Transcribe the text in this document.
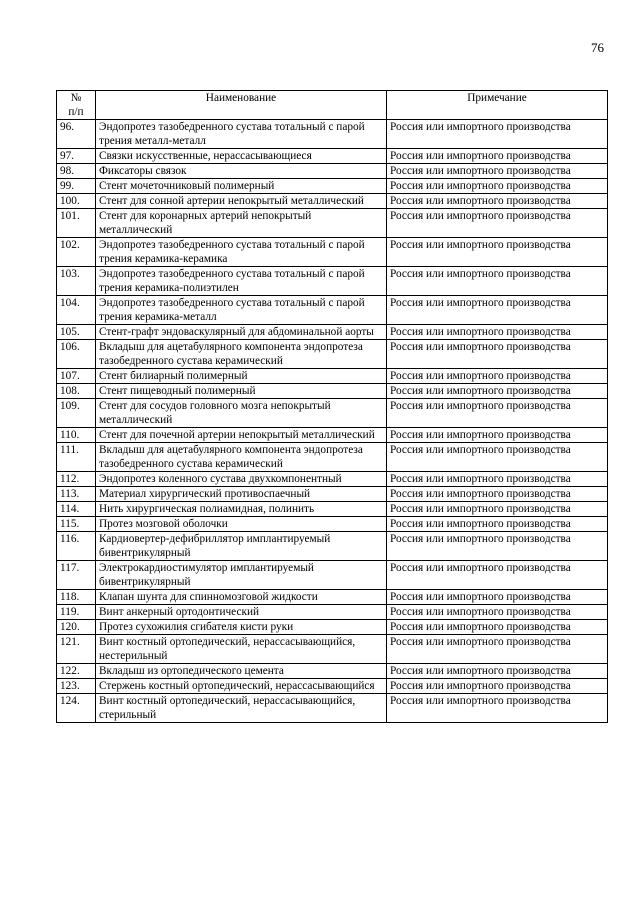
76
№
п/п	Наименование	Примечание
96.	Эндопротез тазобедренного сустава тотальный с парой трения металл-металл	Россия или импортного производства
97.	Связки искусственные, нерассасывающиеся	Россия или импортного производства
98.	Фиксаторы связок	Россия или импортного производства
99.	Стент мочеточниковый полимерный	Россия или импортного производства
100.	Стент для сонной артерии непокрытый металлический	Россия или импортного производства
101.	Стент для коронарных артерий непокрытый металлический	Россия или импортного производства
102.	Эндопротез тазобедренного сустава тотальный с парой трения керамика-керамика	Россия или импортного производства
103.	Эндопротез тазобедренного сустава тотальный с парой трения керамика-полиэтилен	Россия или импортного производства
104.	Эндопротез тазобедренного сустава тотальный с парой трения керамика-металл	Россия или импортного производства
105.	Стент-графт эндоваскулярный для абдоминальной аорты	Россия или импортного производства
106.	Вкладыш для ацетабулярного компонента эндопротеза тазобедренного сустава керамический	Россия или импортного производства
107.	Стент билиарный полимерный	Россия или импортного производства
108.	Стент пищеводный полимерный	Россия или импортного производства
109.	Стент для сосудов головного мозга непокрытый металлический	Россия или импортного производства
110.	Стент для почечной артерии непокрытый металлический	Россия или импортного производства
111.	Вкладыш для ацетабулярного компонента эндопротеза тазобедренного сустава керамический	Россия или импортного производства
112.	Эндопротез коленного сустава двухкомпонентный	Россия или импортного производства
113.	Материал хирургический противоспаечный	Россия или импортного производства
114.	Нить хирургическая полиамидная, полинить	Россия или импортного производства
115.	Протез мозговой оболочки	Россия или импортного производства
116.	Кардиовертер-дефибриллятор имплантируемый бивентрикулярный	Россия или импортного производства
117.	Электрокардиостимулятор имплантируемый бивентрикулярный	Россия или импортного производства
118.	Клапан шунта для спинномозговой жидкости	Россия или импортного производства
119.	Винт анкерный ортодонтический	Россия или импортного производства
120.	Протез сухожилия сгибателя кисти руки	Россия или импортного производства
121.	Винт костный ортопедический, нерассасывающийся, нестерильный	Россия или импортного производства
122.	Вкладыш из ортопедического цемента	Россия или импортного производства
123.	Стержень костный ортопедический, нерассасывающийся	Россия или импортного производства
124.	Винт костный ортопедический, нерассасывающийся, стерильный	Россия или импортного производства
